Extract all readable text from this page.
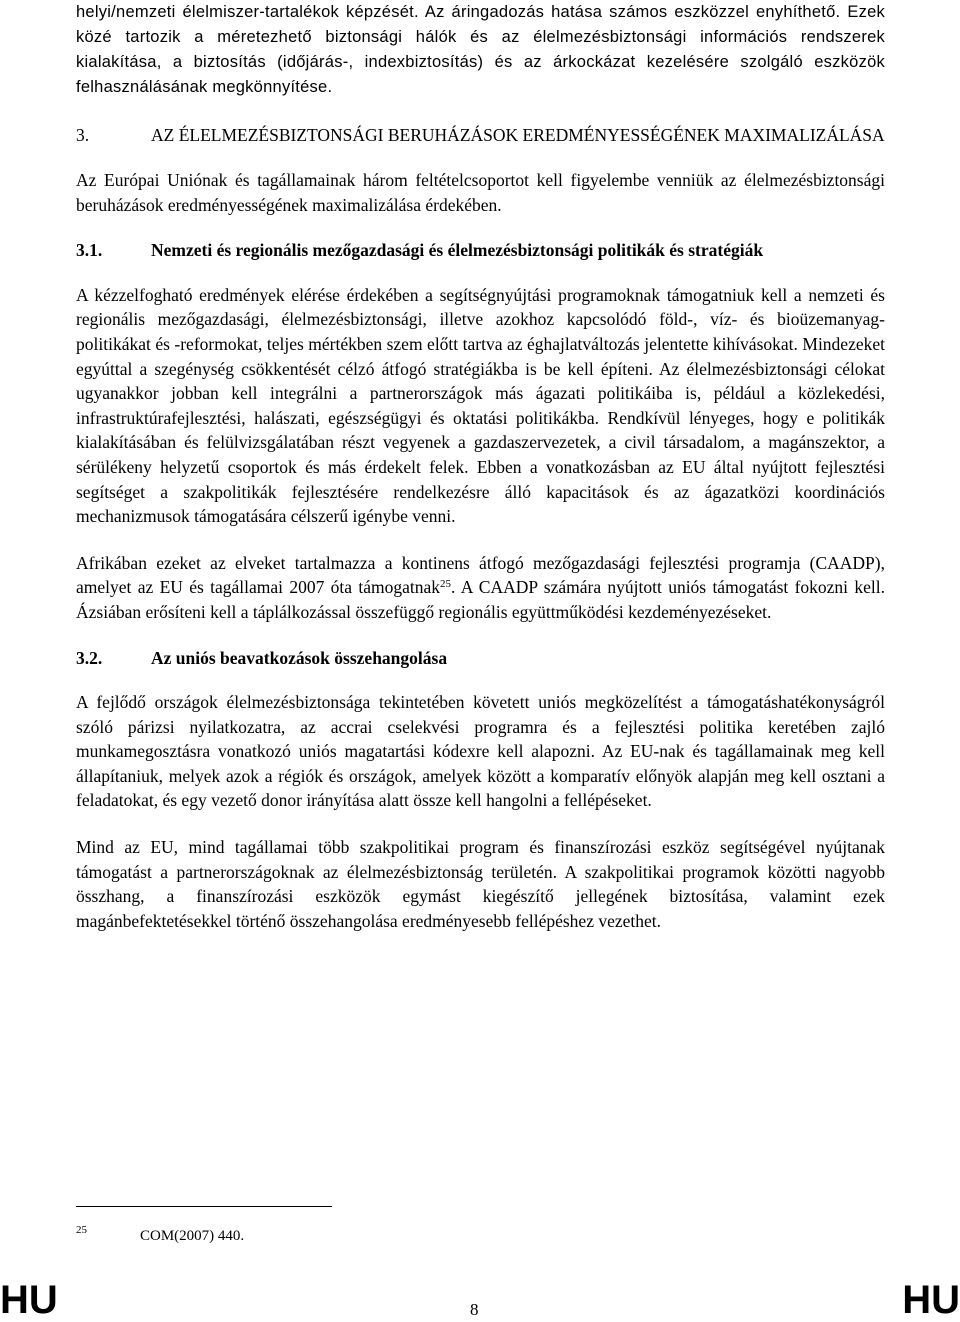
helyi/nemzeti élelmiszer-tartalékok képzését. Az áringadozás hatása számos eszközzel enyhíthető. Ezek közé tartozik a méretezhető biztonsági hálók és az élelmezésbiztonsági információs rendszerek kialakítása, a biztosítás (időjárás-, indexbiztosítás) és az árkockázat kezelésére szolgáló eszközök felhasználásának megkönnyítése.

3.	AZ ÉLELMEZÉSBIZTONSÁGI BERUHÁZÁSOK EREDMÉNYESSÉGÉNEK MAXIMALIZÁLÁSA

Az Európai Uniónak és tagállamainak három feltételcsoportot kell figyelembe venniük az élelmezésbiztonsági beruházások eredményességének maximalizálása érdekében.

3.1.	Nemzeti és regionális mezőgazdasági és élelmezésbiztonsági politikák és stratégiák

A kézzelfogható eredmények elérése érdekében a segítségnyújtási programoknak támogatniuk kell a nemzeti és regionális mezőgazdasági, élelmezésbiztonsági, illetve azokhoz kapcsolódó föld-, víz- és bioüzemanyag-politikákat és -reformokat, teljes mértékben szem előtt tartva az éghajlatváltozás jelentette kihívásokat. Mindezeket egyúttal a szegénység csökkentését célzó átfogó stratégiákba is be kell építeni. Az élelmezésbiztonsági célokat ugyanakkor jobban kell integrálni a partnerországok más ágazati politikáiba is, például a közlekedési, infrastruktúrafejlesztési, halászati, egészségügyi és oktatási politikákba. Rendkívül lényeges, hogy e politikák kialakításában és felülvizsgálatában részt vegyenek a gazdaszervezetek, a civil társadalom, a magánszektor, a sérülékeny helyzetű csoportok és más érdekelt felek. Ebben a vonatkozásban az EU által nyújtott fejlesztési segítséget a szakpolitikák fejlesztésére rendelkezésre álló kapacitások és az ágazatközi koordinációs mechanizmusok támogatására célszerű igénybe venni.

Afrikában ezeket az elveket tartalmazza a kontinens átfogó mezőgazdasági fejlesztési programja (CAADP), amelyet az EU és tagállamai 2007 óta támogatnak$^{25}$. A CAADP számára nyújtott uniós támogatást fokozni kell. Ázsiában erősíteni kell a táplálkozással összefüggő regionális együttműködési kezdeményezéseket.

3.2.	Az uniós beavatkozások összehangolása

A fejlődő országok élelmezésbiztonsága tekintetében követett uniós megközelítést a támogatáshatékonyságról szóló párizsi nyilatkozatra, az accrai cselekvési programra és a fejlesztési politika keretében zajló munkamegosztásra vonatkozó uniós magatartási kódexre kell alapozni. Az EU-nak és tagállamainak meg kell állapítaniuk, melyek azok a régiók és országok, amelyek között a komparatív előnyök alapján meg kell osztani a feladatokat, és egy vezető donor irányítása alatt össze kell hangolni a fellépéseket.

Mind az EU, mind tagállamai több szakpolitikai program és finanszírozási eszköz segítségével nyújtanak támogatást a partnerországoknak az élelmezésbiztonság területén. A szakpolitikai programok közötti nagyobb összhang, a finanszírozási eszközök egymást kiegészítő jellegének biztosítása, valamint ezek magánbefektetésekkel történő összehangolása eredményesebb fellépéshez vezethet.

25	COM(2007) 440.
HU	8	HU
